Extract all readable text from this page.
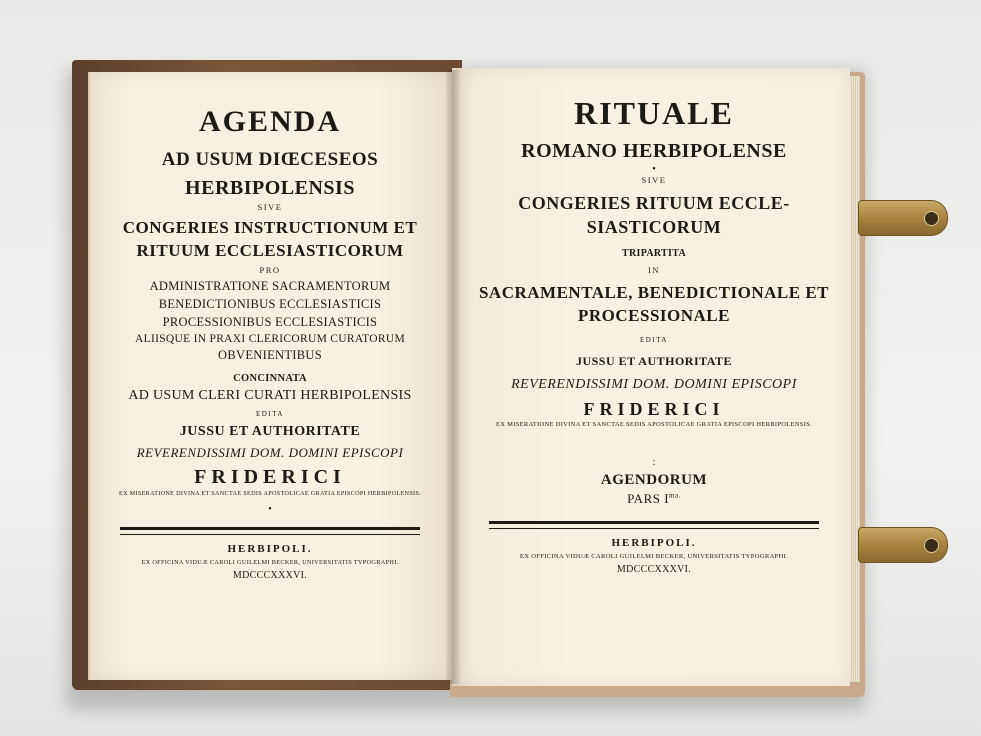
AGENDA
AD USUM DIŒCESEOS
HERBIPOLENSIS
SIVE
CONGERIES INSTRUCTIONUM ET
RITUUM ECCLESIASTICORUM
PRO
ADMINISTRATIONE SACRAMENTORUM
BENEDICTIONIBUS ECCLESIASTICIS
PROCESSIONIBUS ECCLESIASTICIS
ALIISQUE IN PRAXI CLERICORUM CURATORUM
OBVENIENTIBUS
CONCINNATA
AD USUM CLERI CURATI HERBIPOLENSIS
EDITA
JUSSU ET AUTHORITATE
REVERENDISSIMI DOM. DOMINI EPISCOPI
FRIDERICI
EX MISERATIONE DIVINA ET SANCTAE SEDIS APOSTOLICAE GRATIA EPISCOPI HERBIPOLENSIS.
•
HERBIPOLI.
EX OFFICINA VIDUÆ CAROLI GUILELMI BECKER, UNIVERSITATIS TYPOGRAPHI.
MDCCCXXXVI.
RITUALE
ROMANO HERBIPOLENSE
•
SIVE
CONGERIES RITUUM ECCLE-
SIASTICORUM
TRIPARTITA
IN
SACRAMENTALE, BENEDICTIONALE ET
PROCESSIONALE
EDITA
JUSSU ET AUTHORITATE
REVERENDISSIMI DOM. DOMINI EPISCOPI
FRIDERICI
EX MISERATIONE DIVINA ET SANCTAE SEDIS APOSTOLICAE GRATIA EPISCOPI HERBIPOLENSIS.
:
AGENDORUM
PARS $I^{ma.}$
HERBIPOLI.
EX OFFICINA VIDUÆ CAROLI GUILELMI BECKER, UNIVERSITATIS TYPOGRAPHI.
MDCCCXXXVI.
